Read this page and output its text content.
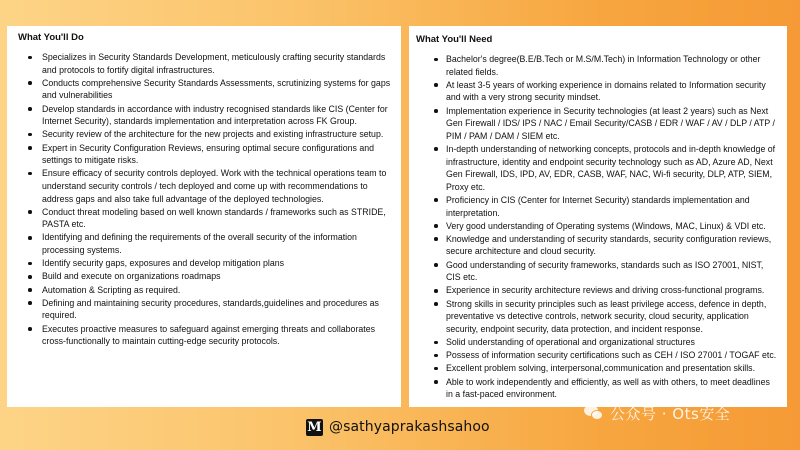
What You'll Do
Specializes in Security Standards Development, meticulously crafting security standards and protocols to fortify digital infrastructures.
Conducts comprehensive Security Standards Assessments, scrutinizing systems for gaps and vulnerabilities
Develop standards in accordance with industry recognised standards like CIS (Center for Internet Security), standards implementation and interpretation across FK Group.
Security review of the architecture for the new projects and existing infrastructure setup.
Expert in Security Configuration Reviews, ensuring optimal secure configurations and settings to mitigate risks.
Ensure efficacy of security controls deployed. Work with the technical operations team to understand security controls / tech deployed and come up with recommendations to address gaps and also take full advantage of the deployed technologies.
Conduct threat modeling based on well known standards / frameworks such as STRIDE, PASTA etc.
Identifying and defining the requirements of the overall security of the information processing systems.
Identify security gaps, exposures and develop mitigation plans
Build and execute on organizations roadmaps
Automation & Scripting as required.
Defining and maintaining security procedures, standards,guidelines and procedures as required.
Executes proactive measures to safeguard against emerging threats and collaborates cross-functionally to maintain cutting-edge security protocols.
What You'll Need
Bachelor's degree(B.E/B.Tech or M.S/M.Tech) in Information Technology or other related fields.
At least 3-5 years of working experience in domains related to Information security and with a very strong security mindset.
Implementation experience in Security technologies (at least 2 years) such as Next Gen Firewall / IDS/ IPS / NAC / Email Security/CASB / EDR / WAF / AV / DLP / ATP / PIM / PAM / DAM / SIEM etc.
In-depth understanding of networking concepts, protocols and in-depth knowledge of infrastructure, identity and endpoint security technology such as AD, Azure AD, Next Gen Firewall, IDS, IPD, AV, EDR, CASB, WAF, NAC, Wi-fi security, DLP, ATP, SIEM, Proxy etc.
Proficiency in CIS (Center for Internet Security) standards implementation and interpretation.
Very good understanding of Operating systems (Windows, MAC, Linux) & VDI etc.
Knowledge and understanding of security standards, security configuration reviews, secure architecture and cloud security.
Good understanding of security frameworks, standards such as ISO 27001, NIST, CIS etc.
Experience in security architecture reviews and driving cross-functional programs.
Strong skills in security principles such as least privilege access, defence in depth, preventative vs detective controls, network security, cloud security, application security, endpoint security, data protection, and incident response.
Solid understanding of operational and organizational structures
Possess of information security certifications such as CEH / ISO 27001 / TOGAF etc.
Excellent problem solving, interpersonal,communication and presentation skills.
Able to work independently and efficiently, as well as with others, to meet deadlines in a fast-paced environment.
M @sathyaprakashsahoo
公众号 · Ots安全
